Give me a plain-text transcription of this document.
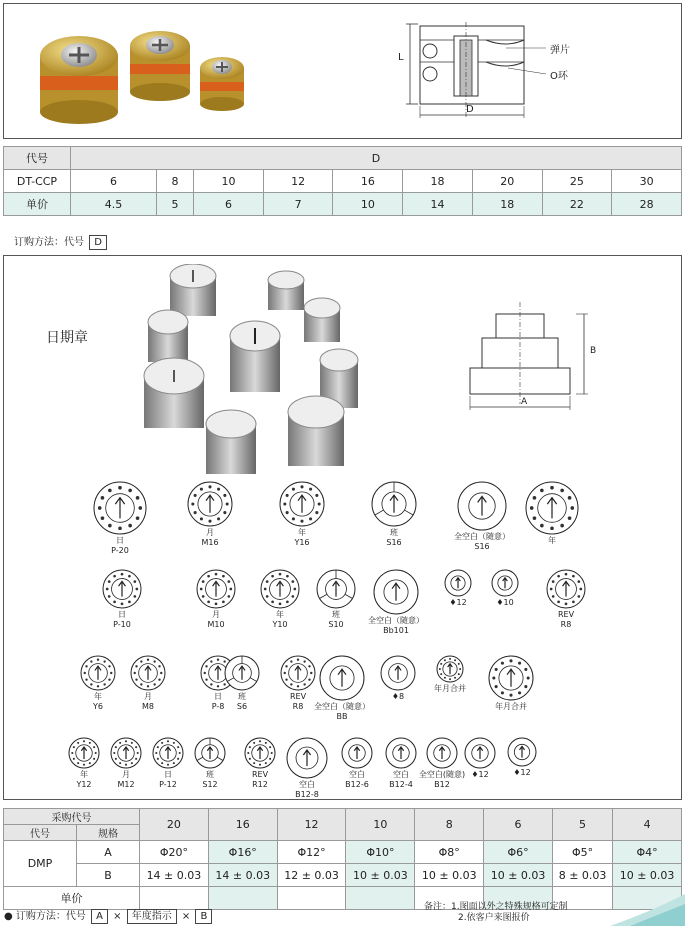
L
D
弹片
O环
代号	D								
DT-CCP	6	8	10	12	16	18	20	25	30
单价	4.5	5	6	7	10	14	18	22	28
订购方法：代号 D
日期章
A
B
日
P-20
月
M16
年
Y16
班
S16
全空白（随意）
S16
年
日
P-10
月
M10
年
Y10
班
S10	全空白（随意）
Bb101
♦12	♦10
REV
R8
年
Y6
月
M8
日
P-8
班
S6
REV
R8	全空白（随意）
BB
♦8
年月合并
年月合并
年
Y12
月
M12
日
P-12
班
S12
REV
R12	空白
B12-8
空白
B12-6
空白
B12-4
全空白(随意)
B12
♦12	♦12
采购代号		20	16	12	10	8	6	5	4
代号	规格								
DMP	A	Φ20°	Φ16°	Φ12°	Φ10°	Φ8°	Φ6°	Φ5°	Φ4°
	B	14 ± 0.03	14 ± 0.03	12 ± 0.03	10 ± 0.03	10 ± 0.03	10 ± 0.03	8 ± 0.03	10 ± 0.03
单价									
● 订购方法：代号 A × 年度指示 × B
备注：1.图面以外之特殊规格可定制
2.依客户来图报价
